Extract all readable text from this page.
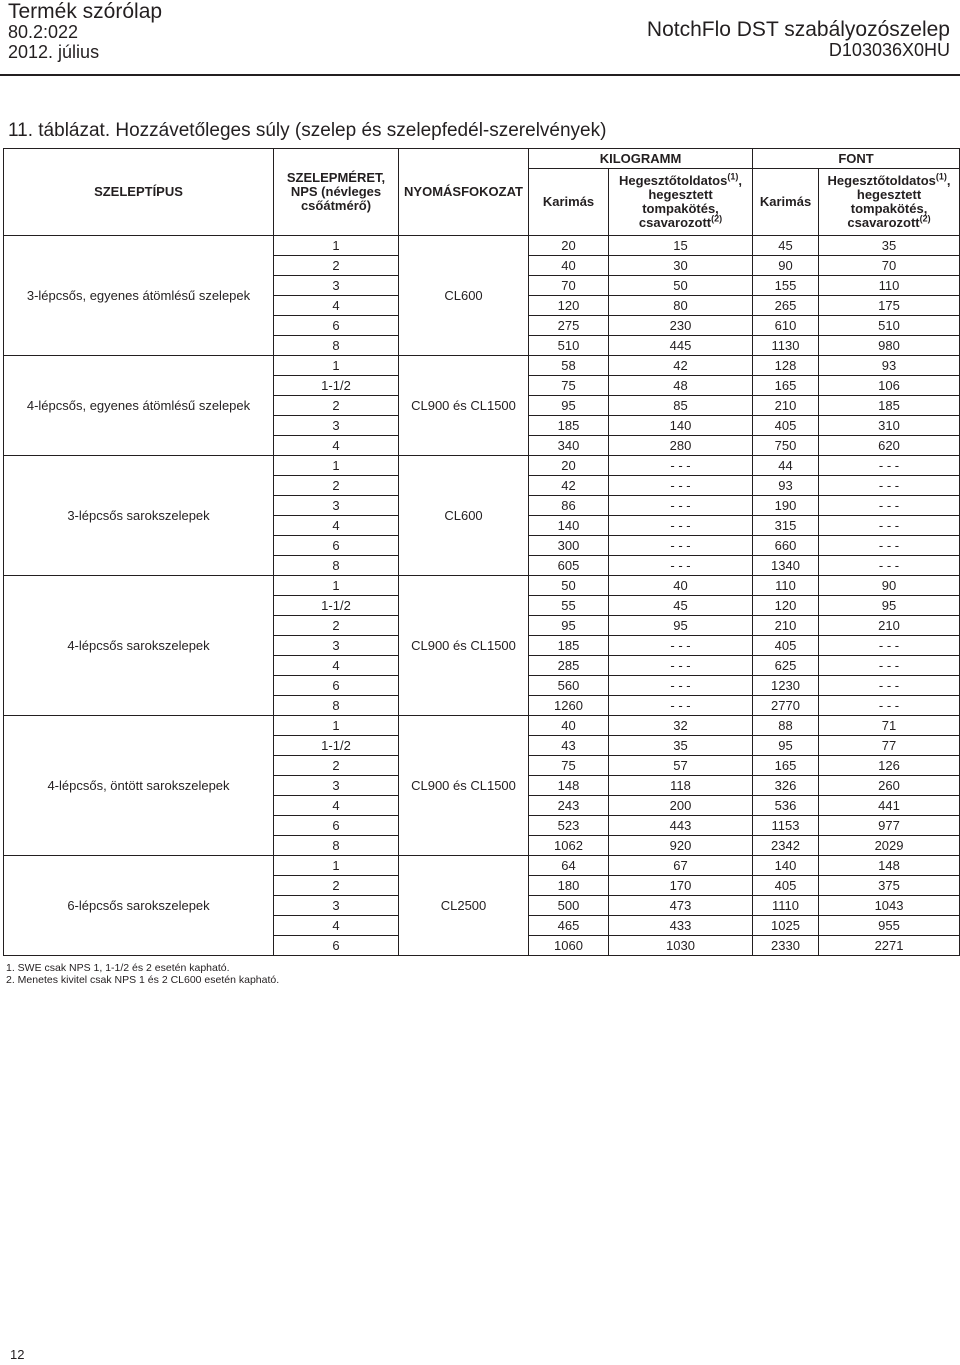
Termék szórólap
80.2:022
2012. július
NotchFlo DST szabályozószelep
D103036X0HU
11. táblázat. Hozzávetőleges súly (szelep és szelepfedél-szerelvények)
SZELEPTÍPUS	SZELEPMÉRET, NPS (névleges csőátmérő)	NYOMÁSFOKOZAT	KILOGRAMM		FONT	
			Karimás	Hegesztőtoldatos$^{(1)}$, hegesztett tompakötés, csavarozott$^{(2)}$	Karimás	Hegesztőtoldatos$^{(1)}$, hegesztett tompakötés, csavarozott$^{(2)}$
3-lépcsős, egyenes átömlésű szelepek	1	CL600	20	15	45	35
	2		40	30	90	70
	3		70	50	155	110
	4		120	80	265	175
	6		275	230	610	510
	8		510	445	1130	980
4-lépcsős, egyenes átömlésű szelepek	1	CL900 és CL1500	58	42	128	93
	1-1/2		75	48	165	106
	2		95	85	210	185
	3		185	140	405	310
	4		340	280	750	620
3-lépcsős sarokszelepek	1	CL600	20	- - -	44	- - -
	2		42	- - -	93	- - -
	3		86	- - -	190	- - -
	4		140	- - -	315	- - -
	6		300	- - -	660	- - -
	8		605	- - -	1340	- - -
4-lépcsős sarokszelepek	1	CL900 és CL1500	50	40	110	90
	1-1/2		55	45	120	95
	2		95	95	210	210
	3		185	- - -	405	- - -
	4		285	- - -	625	- - -
	6		560	- - -	1230	- - -
	8		1260	- - -	2770	- - -
4-lépcsős, öntött sarokszelepek	1	CL900 és CL1500	40	32	88	71
	1-1/2		43	35	95	77
	2		75	57	165	126
	3		148	118	326	260
	4		243	200	536	441
	6		523	443	1153	977
	8		1062	920	2342	2029
6-lépcsős sarokszelepek	1	CL2500	64	67	140	148
	2		180	170	405	375
	3		500	473	1110	1043
	4		465	433	1025	955
	6		1060	1030	2330	2271
1. SWE csak NPS 1, 1-1/2 és 2 esetén kapható.
2. Menetes kivitel csak NPS 1 és 2 CL600 esetén kapható.
12
